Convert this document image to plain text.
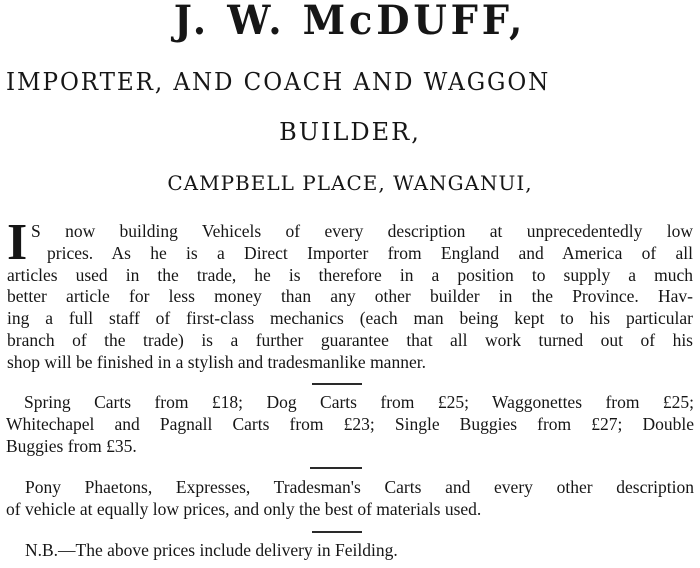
J. W. McDUFF,
IMPORTER, AND COACH AND WAGGON
BUILDER,
CAMPBELL PLACE, WANGANUI,
I S now building Vehicels of every description at unprecedentedly low
prices. As he is a Direct Importer from England and America of all
articles used in the trade, he is therefore in a position to supply a much
better article for less money than any other builder in the Province. Hav-
ing a full staff of first-class mechanics (each man being kept to his particular
branch of the trade) is a further guarantee that all work turned out of his
shop will be finished in a stylish and tradesmanlike manner.
Spring Carts from £18; Dog Carts from £25; Waggonettes from £25;
Whitechapel and Pagnall Carts from £23; Single Buggies from £27; Double
Buggies from £35.
Pony Phaetons, Expresses, Tradesman's Carts and every other description
of vehicle at equally low prices, and only the best of materials used.
N.B.—The above prices include delivery in Feilding.
